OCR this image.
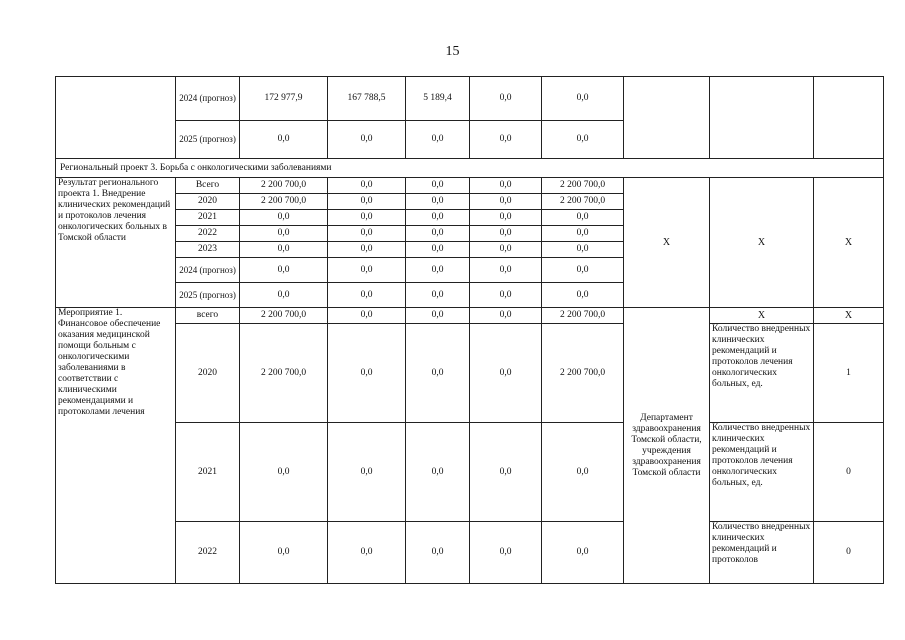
15
	2024 (прогноз)	172 977,9	167 788,5	5 189,4	0,0	0,0			
	2025 (прогноз)	0,0	0,0	0,0	0,0	0,0			
Региональный проект 3. Борьба с онкологическими заболеваниями									
Результат регионального проекта 1. Внедрение клинических рекомендаций и протоколов лечения онкологических больных в Томской области	Всего	2 200 700,0	0,0	0,0	0,0	2 200 700,0	X	X	X
	2020	2 200 700,0	0,0	0,0	0,0	2 200 700,0			
	2021	0,0	0,0	0,0	0,0	0,0			
	2022	0,0	0,0	0,0	0,0	0,0			
	2023	0,0	0,0	0,0	0,0	0,0			
	2024 (прогноз)	0,0	0,0	0,0	0,0	0,0			
	2025 (прогноз)	0,0	0,0	0,0	0,0	0,0			
Мероприятие 1. Финансовое обеспечение оказания медицинской помощи больным с онкологическими заболеваниями в соответствии с клиническими рекомендациями и протоколами лечения	всего	2 200 700,0	0,0	0,0	0,0	2 200 700,0	Департамент здравоохранения Томской области, учреждения здравоохранения Томской области	X	X
	2020	2 200 700,0	0,0	0,0	0,0	2 200 700,0		Количество внедренных клинических рекомендаций и протоколов лечения онкологических больных, ед.	1
	2021	0,0	0,0	0,0	0,0	0,0		Количество внедренных клинических рекомендаций и протоколов лечения онкологических больных, ед.	0
	2022	0,0	0,0	0,0	0,0	0,0		Количество внедренных клинических рекомендаций и протоколов	0
